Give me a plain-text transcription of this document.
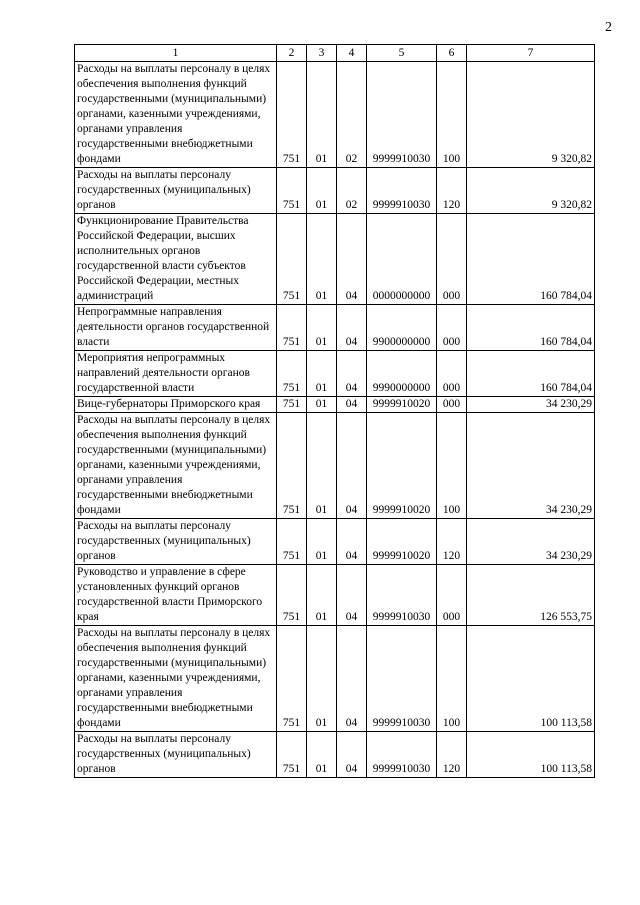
2
1	2	3	4	5	6	7
Расходы на выплаты персоналу в целях обеспечения выполнения функций государственными (муниципальными) органами, казенными учреждениями, органами управления государственными внебюджетными фондами	751	01	02	9999910030	100	9 320,82
Расходы на выплаты персоналу государственных (муниципальных) органов	751	01	02	9999910030	120	9 320,82
Функционирование Правительства Российской Федерации, высших исполнительных органов государственной власти субъектов Российской Федерации, местных администраций	751	01	04	0000000000	000	160 784,04
Непрограммные направления деятельности органов государственной власти	751	01	04	9900000000	000	160 784,04
Мероприятия непрограммных направлений деятельности органов государственной власти	751	01	04	9990000000	000	160 784,04
Вице-губернаторы Приморского края	751	01	04	9999910020	000	34 230,29
Расходы на выплаты персоналу в целях обеспечения выполнения функций государственными (муниципальными) органами, казенными учреждениями, органами управления государственными внебюджетными фондами	751	01	04	9999910020	100	34 230,29
Расходы на выплаты персоналу государственных (муниципальных) органов	751	01	04	9999910020	120	34 230,29
Руководство и управление в сфере установленных функций органов государственной власти Приморского края	751	01	04	9999910030	000	126 553,75
Расходы на выплаты персоналу в целях обеспечения выполнения функций государственными (муниципальными) органами, казенными учреждениями, органами управления государственными внебюджетными фондами	751	01	04	9999910030	100	100 113,58
Расходы на выплаты персоналу государственных (муниципальных) органов	751	01	04	9999910030	120	100 113,58
